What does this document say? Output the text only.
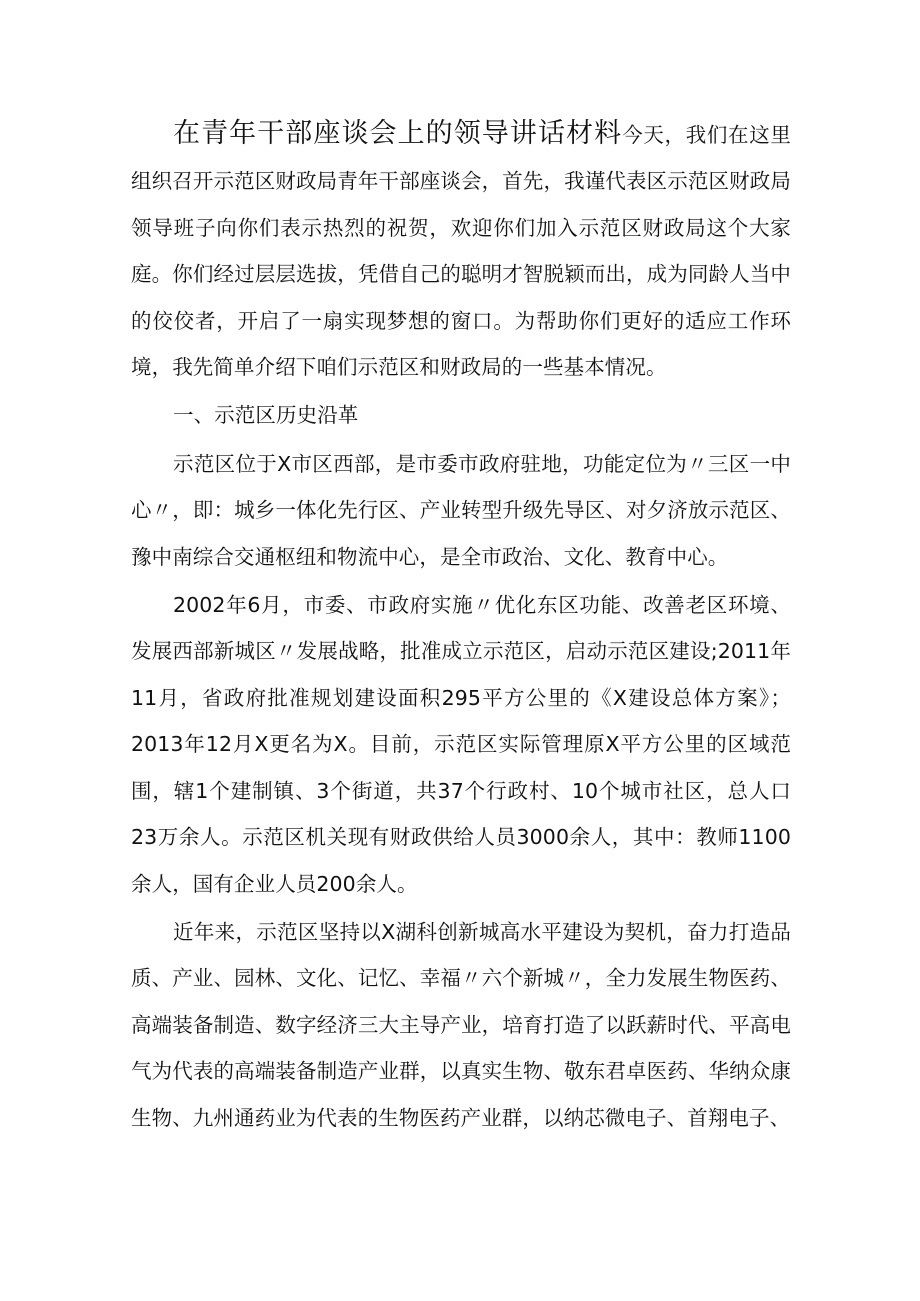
在青年干部座谈会上的领导讲话材料今天，我们在这里组织召开示范区财政局青年干部座谈会，首先，我谨代表区示范区财政局领导班子向你们表示热烈的祝贺，欢迎你们加入示范区财政局这个大家庭。你们经过层层选拔，凭借自己的聪明才智脱颖而出，成为同龄人当中的佼佼者，开启了一扇实现梦想的窗口。为帮助你们更好的适应工作环境，我先简单介绍下咱们示范区和财政局的一些基本情况。

一、示范区历史沿革

示范区位于X市区西部，是市委市政府驻地，功能定位为〃三区一中心〃，即：城乡一体化先行区、产业转型升级先导区、对夕济放示范区、豫中南综合交通枢纽和物流中心，是全市政治、文化、教育中心。

2002年6月，市委、市政府实施〃优化东区功能、改善老区环境、发展西部新城区〃发展战略，批准成立示范区，启动示范区建设;2011年11月，省政府批准规划建设面积295平方公里的《X建设总体方案》；2013年12月X更名为X。目前，示范区实际管理原X平方公里的区域范围，辖1个建制镇、3个街道，共37个行政村、10个城市社区，总人口23万余人。示范区机关现有财政供给人员3000余人，其中：教师1100余人，国有企业人员200余人。

近年来，示范区坚持以X湖科创新城高水平建设为契机，奋力打造品质、产业、园林、文化、记忆、幸福〃六个新城〃，全力发展生物医药、高端装备制造、数字经济三大主导产业，培育打造了以跃薪时代、平高电气为代表的高端装备制造产业群，以真实生物、敬东君卓医药、华纳众康生物、九州通药业为代表的生物医药产业群，以纳芯微电子、首翔电子、
